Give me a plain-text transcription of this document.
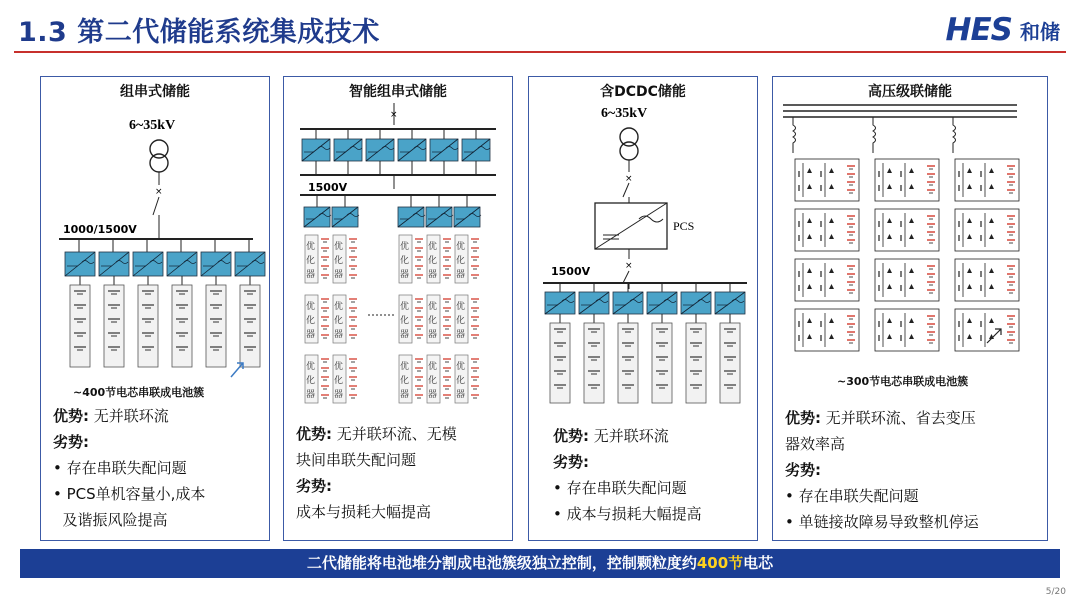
1.3 第二代储能系统集成技术	HES 和储
组串式储能
6~35kV
×
1000/1500V
~400节电芯串联成电池簇
优势: 无并联环流
劣势:
• 存在串联失配问题
• PCS单机容量小,成本
及谐振风险提高
智能组串式储能
×
1500V
优
化
器
优
化
器
优
化
器
优
化
器
优
化
器
优
化
器
优
化
器
优
化
器
优
化
器
优
化
器
优
化
器
优
化
器
优
化
器
优
化
器
优
化
器
优势: 无并联环流、无模
块间串联失配问题
劣势:
成本与损耗大幅提高
含DCDC储能
6~35kV
×
PCS
×
1500V
优势: 无并联环流
劣势:
• 存在串联失配问题
• 成本与损耗大幅提高
高压级联储能
~300节电芯串联成电池簇
优势: 无并联环流、省去变压
器效率高
劣势:
• 存在串联失配问题
• 单链接故障易导致整机停运
二代储能将电池堆分割成电池簇级独立控制，控制颗粒度约400节电芯
5/20
